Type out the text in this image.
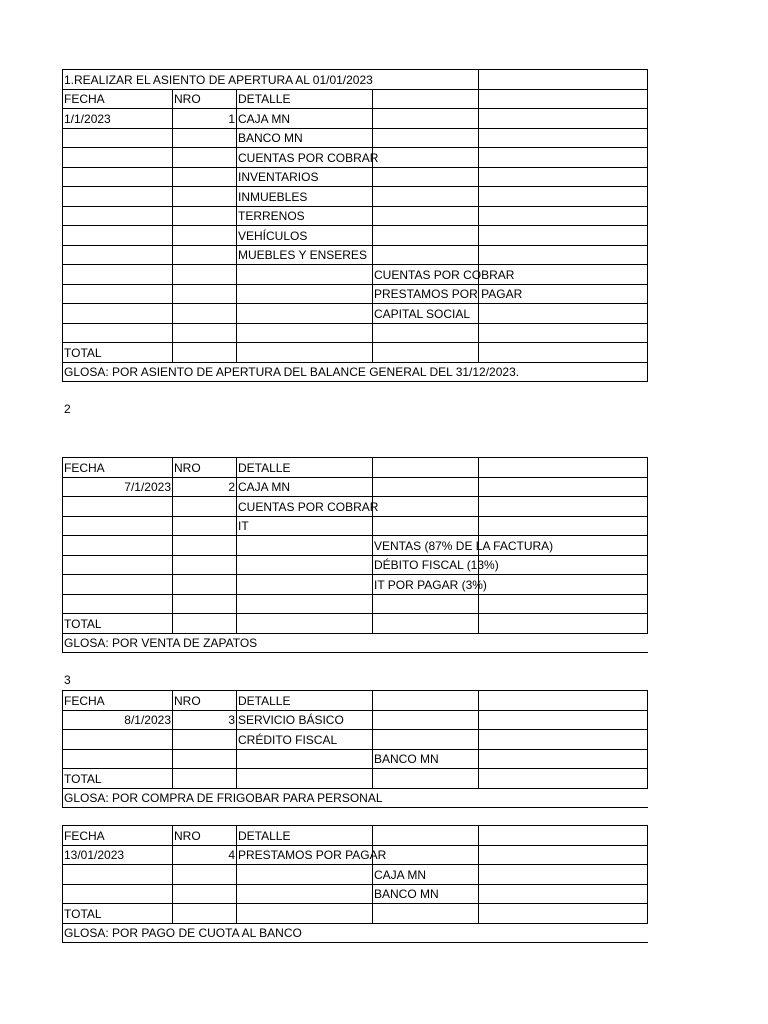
1.REALIZAR EL ASIENTO DE APERTURA AL 01/01/2023				
FECHA	NRO	DETALLE		
1/1/2023	1	CAJA MN		
		BANCO MN		
		CUENTAS POR COBRAR		
		INVENTARIOS		
		INMUEBLES		
		TERRENOS		
		VEHÍCULOS		
		MUEBLES Y ENSERES		
			CUENTAS POR COBRAR	
			PRESTAMOS POR PAGAR	
			CAPITAL SOCIAL	

TOTAL				
GLOSA: POR ASIENTO DE APERTURA DEL BALANCE GENERAL DEL 31/12/2023.				
2
FECHA	NRO	DETALLE		
7/1/2023	2	CAJA MN		
		CUENTAS POR COBRAR		
		IT		
			VENTAS (87% DE LA FACTURA)	
			DÉBITO FISCAL (13%)	
			IT POR PAGAR (3%)	

TOTAL				
GLOSA: POR VENTA DE ZAPATOS				
3
FECHA	NRO	DETALLE		
8/1/2023	3	SERVICIO BÁSICO		
		CRÉDITO FISCAL		
			BANCO MN	
TOTAL				
GLOSA: POR COMPRA DE FRIGOBAR PARA PERSONAL				
FECHA	NRO	DETALLE		
13/01/2023	4	PRESTAMOS POR PAGAR		
			CAJA MN	
			BANCO MN	
TOTAL				
GLOSA: POR PAGO DE CUOTA AL BANCO				
